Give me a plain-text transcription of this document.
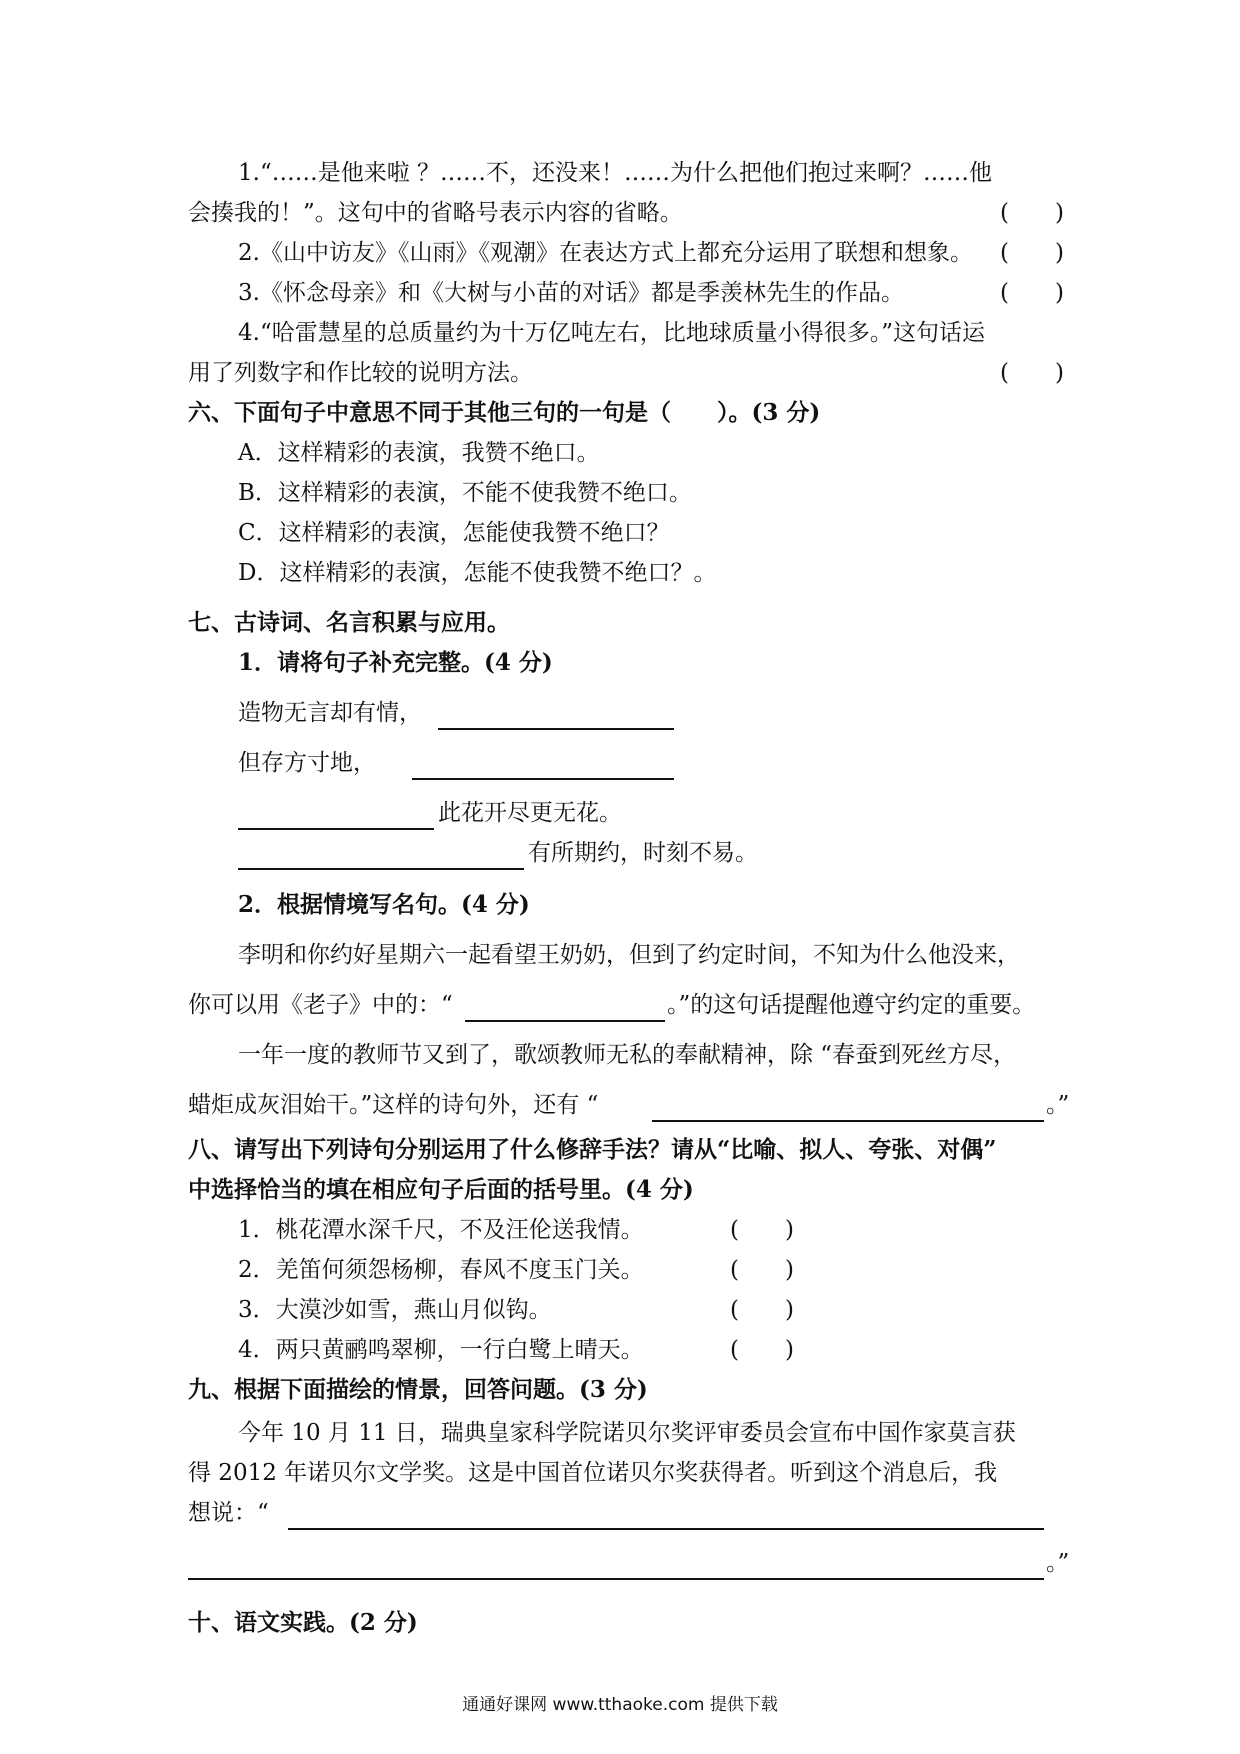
1.“……是他来啦 ？……不，还没来！……为什么把他们抱过来啊？……他
会揍我的！”。这句中的省略号表示内容的省略。	(　　)
2.《山中访友》《山雨》《观潮》在表达方式上都充分运用了联想和想象。 (　　)
3.《怀念母亲》和《大树与小苗的对话》都是季羡林先生的作品。	(　　)
4.“哈雷慧星的总质量约为十万亿吨左右，比地球质量小得很多。”这句话运
用了列数字和作比较的说明方法。	(　　)
六、下面句子中意思不同于其他三句的一句是（　　）。(3 分)
A．这样精彩的表演，我赞不绝口。
B．这样精彩的表演，不能不使我赞不绝口。
C．这样精彩的表演，怎能使我赞不绝口？
D．这样精彩的表演，怎能不使我赞不绝口？。
七、古诗词、名言积累与应用。
1．请将句子补充完整。(4 分)
造物无言却有情，
但存方寸地，
此花开尽更无花。
有所期约，时刻不易。
2．根据情境写名句。(4 分)
李明和你约好星期六一起看望王奶奶，但到了约定时间，不知为什么他没来，
你可以用《老子》中的：“	。”的这句话提醒他遵守约定的重要。
一年一度的教师节又到了，歌颂教师无私的奉献精神，除 “春蚕到死丝方尽，
蜡炬成灰泪始干。”这样的诗句外，还有 “	。”
八、请写出下列诗句分别运用了什么修辞手法？请从“比喻、拟人、夸张、对偶”
中选择恰当的填在相应句子后面的括号里。(4 分)
1．桃花潭水深千尺，不及汪伦送我情。	(　　)
2．羌笛何须怨杨柳，春风不度玉门关。	(　　)
3．大漠沙如雪，燕山月似钩。	(　　)
4．两只黄鹂鸣翠柳，一行白鹭上晴天。	(　　)
九、根据下面描绘的情景，回答问题。(3 分)
今年 10 月 11 日，瑞典皇家科学院诺贝尔奖评审委员会宣布中国作家莫言获
得 2012 年诺贝尔文学奖。这是中国首位诺贝尔奖获得者。听到这个消息后，我
想说：“
。”
十、语文实践。(2 分)
通通好课网 www.tthaoke.com 提供下载
